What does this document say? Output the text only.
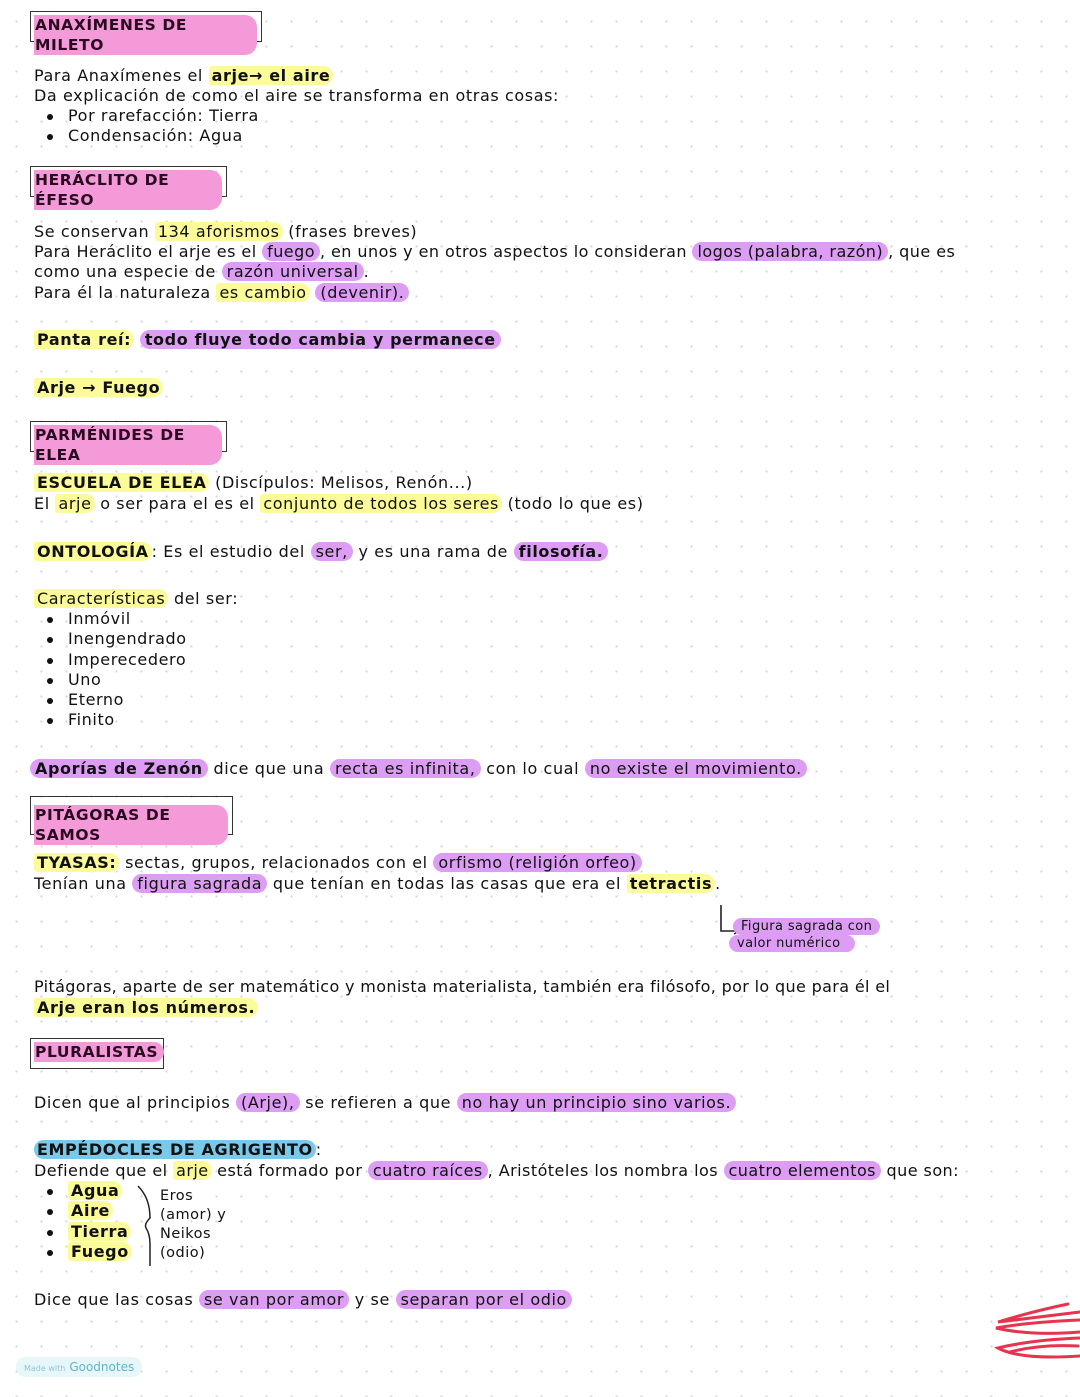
ANAXÍMENES DE MILETO
Para Anaxímenes el arje→ el aire
Da explicación de como el aire se transforma en otras cosas:
Por rarefacción: Tierra
Condensación: Agua
HERÁCLITO DE ÉFESO
Se conservan 134 aforismos (frases breves)
Para Heráclito el arje es el fuego , en unos y en otros aspectos lo consideran logos (palabra, razón) , que es
como una especie de razón universal .
Para él la naturaleza es cambio (devenir).
Panta reí: todo fluye todo cambia y permanece
Arje → Fuego
PARMÉNIDES DE ELEA
ESCUELA DE ELEA (Discípulos: Melisos, Renón...)
El arje o ser para el es el conjunto de todos los seres (todo lo que es)
ONTOLOGÍA : Es el estudio del ser, y es una rama de filosofía.
Características del ser:
Inmóvil
Inengendrado
Imperecedero
Uno
Eterno
Finito
Aporías de Zenón dice que una recta es infinita, con lo cual no existe el movimiento.
PITÁGORAS DE SAMOS
TYASAS: sectas, grupos, relacionados con el orfismo (religión orfeo)
Tenían una figura sagrada que tenían en todas las casas que era el tetractis .
Figura sagrada con
valor numérico
Pitágoras, aparte de ser matemático y monista materialista, también era filósofo, por lo que para él el
Arje eran los números.
PLURALISTAS
Dicen que al principios (Arje), se refieren a que no hay un principio sino varios.
EMPÉDOCLES DE AGRIGENTO :
Defiende que el arje está formado por cuatro raíces , Aristóteles los nombra los cuatro elementos que son:
Agua
Aire
Tierra
Fuego
Eros
(amor) y
Neikos
(odio)
Dice que las cosas se van por amor y se separan por el odio
Made with Goodnotes
